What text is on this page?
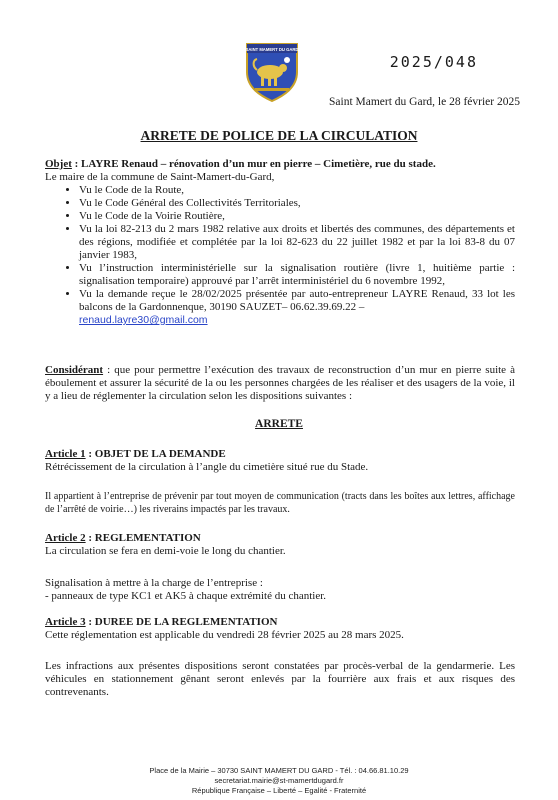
SAINT MAMERT DU GARD
2025/048
Saint Mamert du Gard, le 28 février 2025
ARRETE DE POLICE DE LA CIRCULATION
Objet : LAYRE Renaud – rénovation d’un mur en pierre – Cimetière, rue du stade.
Le maire de la commune de Saint-Mamert-du-Gard,
• Vu le Code de la Route,
• Vu le Code Général des Collectivités Territoriales,
• Vu le Code de la Voirie Routière,
• Vu la loi 82-213 du 2 mars 1982 relative aux droits et libertés des communes, des départements et des régions, modifiée et complétée par la loi 82-623 du 22 juillet 1982 et par la loi 83-8 du 07 janvier 1983,
• Vu l’instruction interministérielle sur la signalisation routière (livre 1, huitième partie : signalisation temporaire) approuvé par l’arrêt interministériel du 6 novembre 1992,
• Vu la demande reçue le 28/02/2025 présentée par auto-entrepreneur LAYRE Renaud, 33 lot les balcons de la Gardonnenque, 30190 SAUZET– 06.62.39.69.22 –
renaud.layre30@gmail.com
Considérant : que pour permettre l’exécution des travaux de reconstruction d’un mur en pierre suite à éboulement et assurer la sécurité de la ou les personnes chargées de les réaliser et des usagers de la voie, il y a lieu de réglementer la circulation selon les dispositions suivantes :
ARRETE
Article 1 : OBJET DE LA DEMANDE
Rétrécissement de la circulation à l’angle du cimetière situé rue du Stade.
Il appartient à l’entreprise de prévenir par tout moyen de communication (tracts dans les boîtes aux lettres, affichage de l’arrêté de voirie…) les riverains impactés par les travaux.
Article 2 : REGLEMENTATION
La circulation se fera en demi-voie le long du chantier.
Signalisation à mettre à la charge de l’entreprise :
- panneaux de type KC1 et AK5 à chaque extrémité du chantier.
Article 3 : DUREE DE LA REGLEMENTATION
Cette réglementation est applicable du vendredi 28 février 2025 au 28 mars 2025.
Les infractions aux présentes dispositions seront constatées par procès-verbal de la gendarmerie. Les véhicules en stationnement gênant seront enlevés par la fourrière aux frais et aux risques des contrevenants.
Place de la Mairie – 30730 SAINT MAMERT DU GARD - Tél. : 04.66.81.10.29
secretariat.mairie@st-mamertdugard.fr
République Française – Liberté – Egalité - Fraternité
